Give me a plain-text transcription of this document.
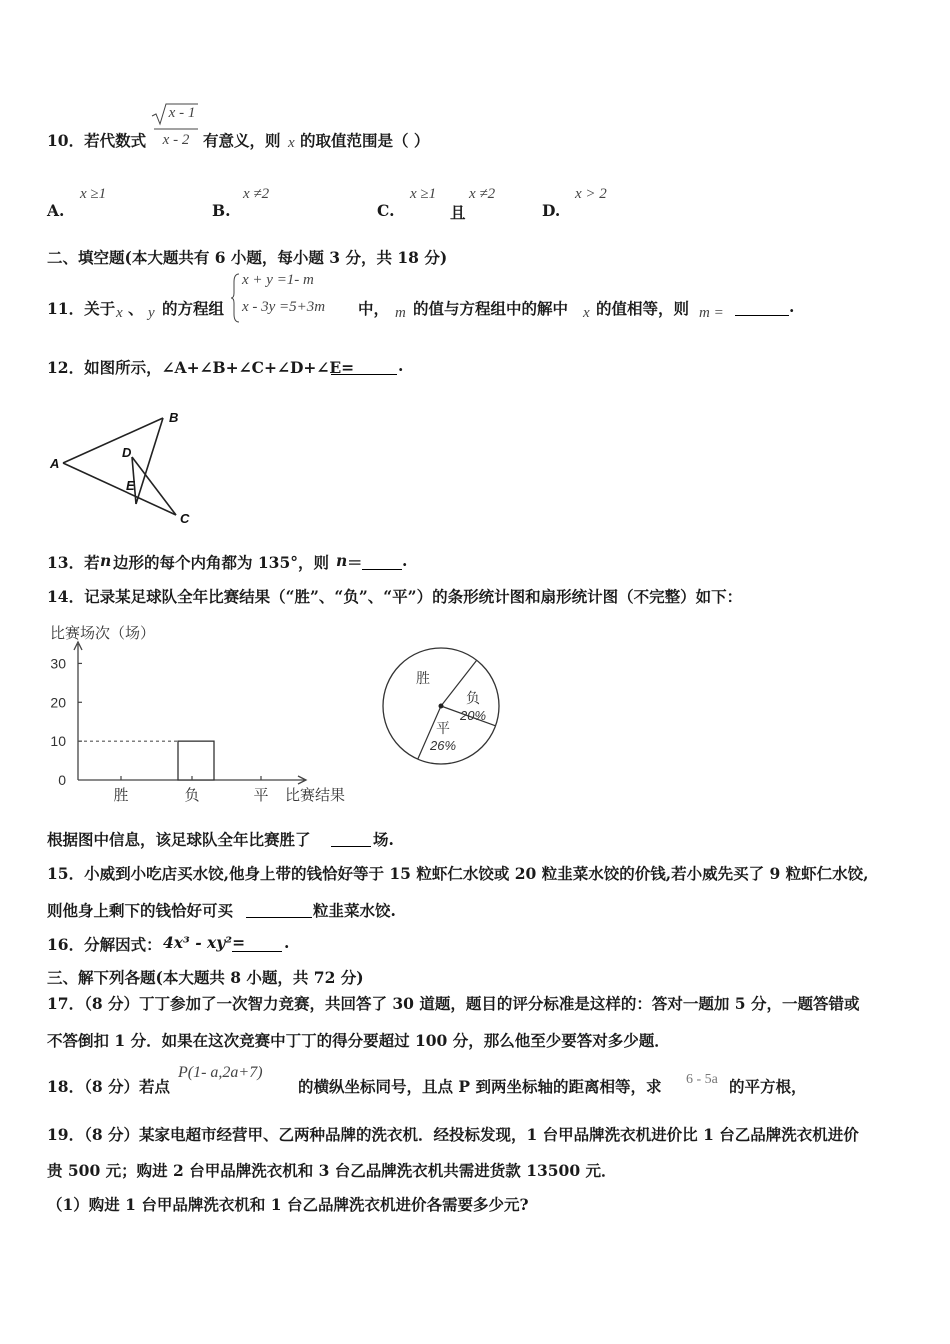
10．若代数式
x - 1
x - 2 有意义，则 x 的取值范围是（ ）
A.
x ≥1
B.
x ≠2
C.
x ≥1
且
x ≠2
D.
x > 2
二、填空题(本大题共有 6 小题，每小题 3 分，共 18 分)
11．关于 x 、 y 的方程组
x + y =1- m
x - 3y =5+3m 中， m 的值与方程组中的解中 x 的值相等，则 m =	.
12．如图所示，∠A+∠B+∠C+∠D+∠E=	.
A
B
C
D
E
13．若 n 边形的每个内角都为 135°，则 n ＝	.
14．记录某足球队全年比赛结果（“胜”、“负”、“平”）的条形统计图和扇形统计图（不完整）如下：
比赛场次（场）
0
10
20
30
胜	负	平 比赛结果
胜
负
20%
平
26%
根据图中信息，该足球队全年比赛胜了	场.
15．小威到小吃店买水饺,他身上带的钱恰好等于 15 粒虾仁水饺或 20 粒韭菜水饺的价钱,若小威先买了 9 粒虾仁水饺,
则他身上剩下的钱恰好可买	粒韭菜水饺.
16．分解因式： 4x³ - xy²=	.
三、解下列各题(本大题共 8 小题，共 72 分)
17．（8 分）丁丁参加了一次智力竞赛，共回答了 30 道题，题目的评分标准是这样的：答对一题加 5 分，一题答错或
不答倒扣 1 分．如果在这次竞赛中丁丁的得分要超过 100 分，那么他至少要答对多少题．
18．（8 分）若点
P(1- a,2a+7)
的横纵坐标同号，且点 P 到两坐标轴的距离相等，求 6 - 5a 的平方根，
19．（8 分）某家电超市经营甲、乙两种品牌的洗衣机．经投标发现，1 台甲品牌洗衣机进价比 1 台乙品牌洗衣机进价
贵 500 元；购进 2 台甲品牌洗衣机和 3 台乙品牌洗衣机共需进货款 13500 元．
（1）购进 1 台甲品牌洗衣机和 1 台乙品牌洗衣机进价各需要多少元?
